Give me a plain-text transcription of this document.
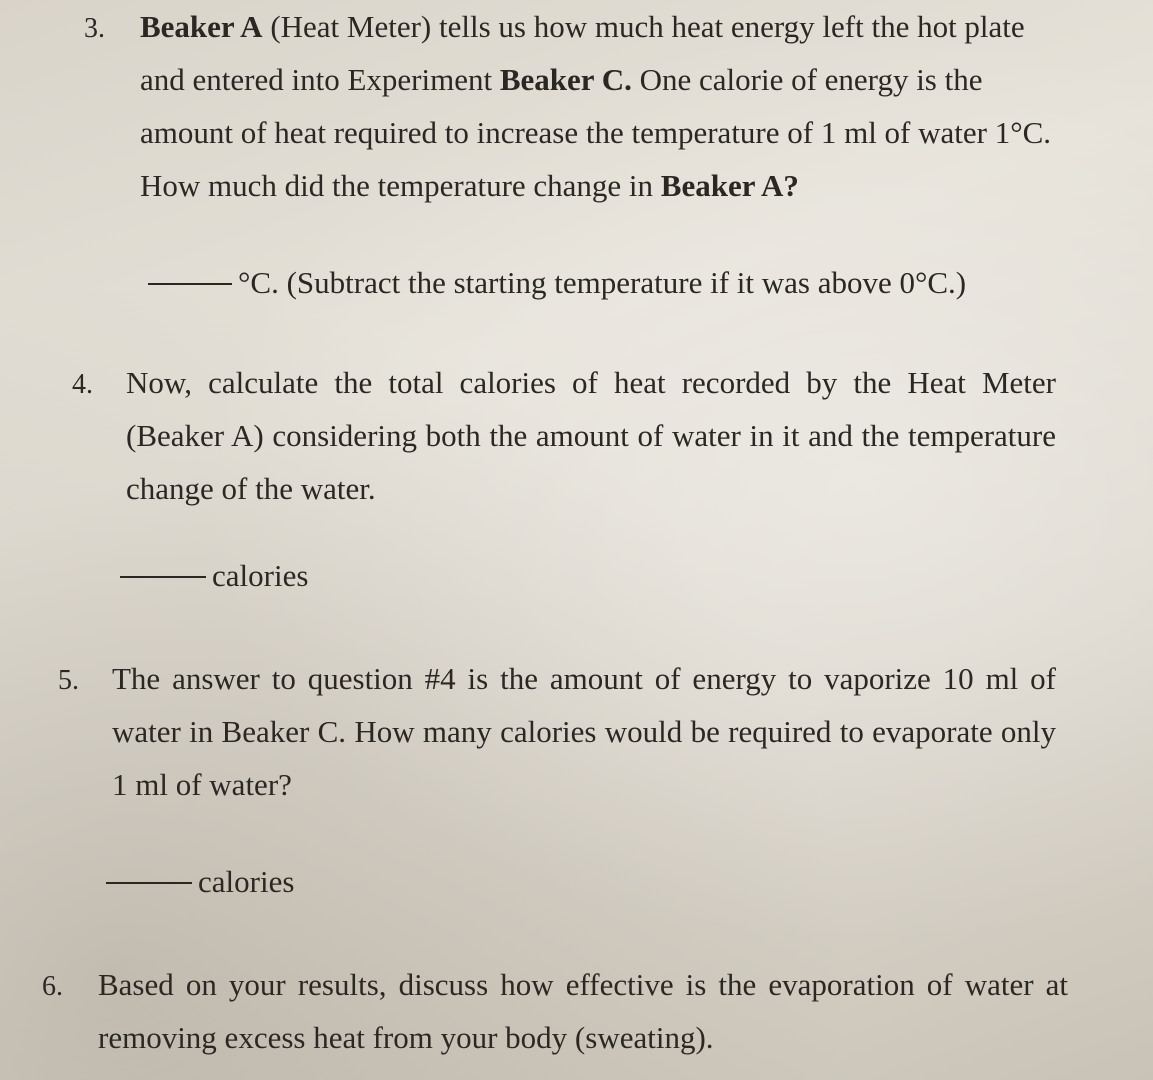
3. Beaker A (Heat Meter) tells us how much heat energy left the hot plate and entered into Experiment Beaker C. One calorie of energy is the amount of heat required to increase the temperature of 1 ml of water 1°C. How much did the temperature change in Beaker A?
°C. (Subtract the starting temperature if it was above 0°C.)
4. Now, calculate the total calories of heat recorded by the Heat Meter (Beaker A) considering both the amount of water in it and the temperature change of the water.
calories
5. The answer to question #4 is the amount of energy to vaporize 10 ml of water in Beaker C. How many calories would be required to evaporate only 1 ml of water?
calories
6. Based on your results, discuss how effective is the evaporation of water at removing excess heat from your body (sweating).
